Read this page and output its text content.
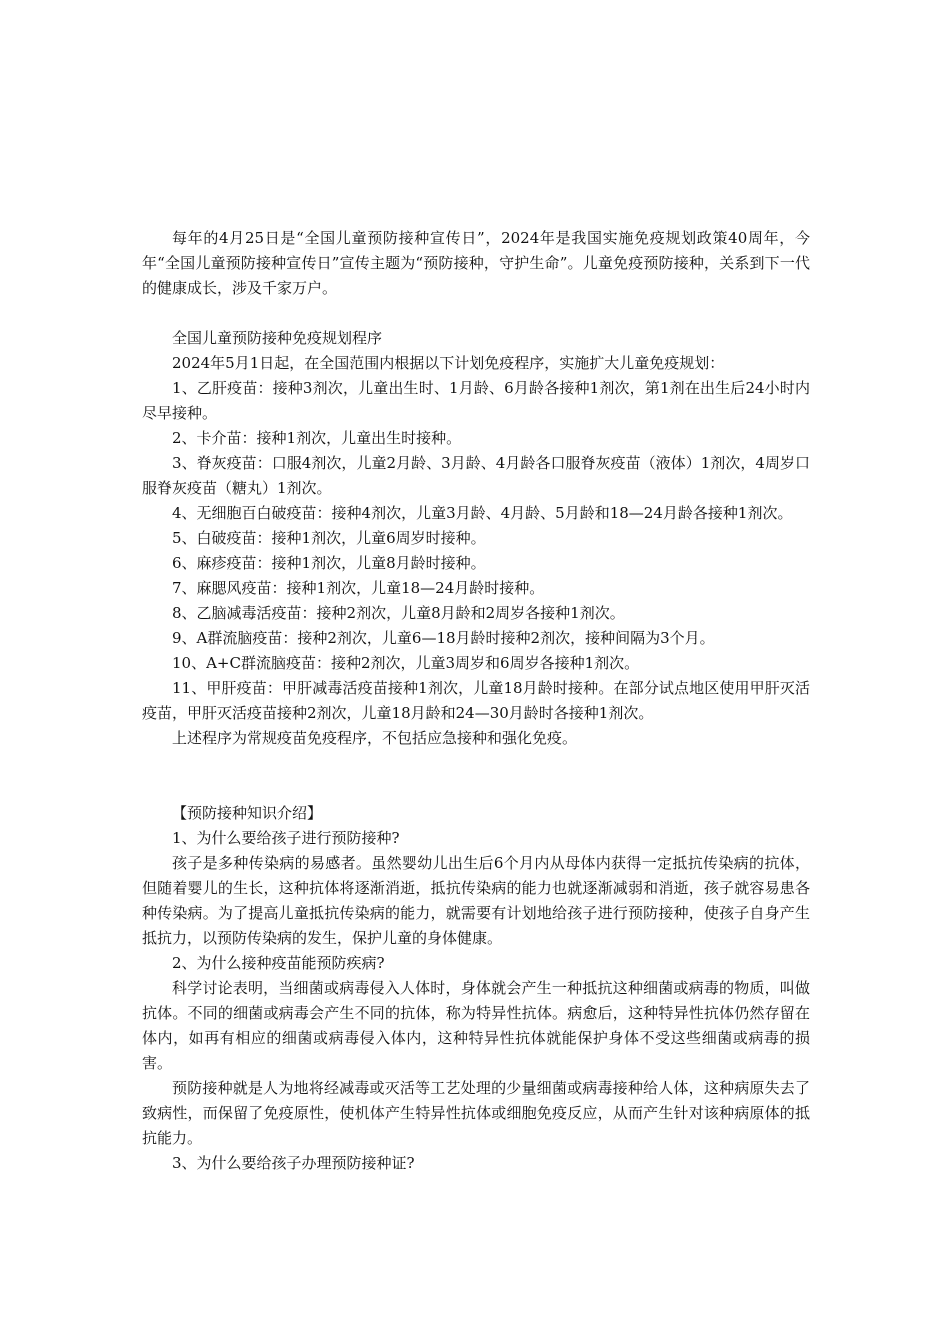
每年的4月25日是“全国儿童预防接种宣传日”，2024年是我国实施免疫规划政策40周年，今年“全国儿童预防接种宣传日”宣传主题为“预防接种，守护生命”。儿童免疫预防接种，关系到下一代的健康成长，涉及千家万户。

全国儿童预防接种免疫规划程序

2024年5月1日起，在全国范围内根据以下计划免疫程序，实施扩大儿童免疫规划：

1、乙肝疫苗：接种3剂次，儿童出生时、1月龄、6月龄各接种1剂次，第1剂在出生后24小时内尽早接种。

2、卡介苗：接种1剂次，儿童出生时接种。

3、脊灰疫苗：口服4剂次，儿童2月龄、3月龄、4月龄各口服脊灰疫苗（液体）1剂次，4周岁口服脊灰疫苗（糖丸）1剂次。

4、无细胞百白破疫苗：接种4剂次，儿童3月龄、4月龄、5月龄和18—24月龄各接种1剂次。

5、白破疫苗：接种1剂次，儿童6周岁时接种。

6、麻疹疫苗：接种1剂次，儿童8月龄时接种。

7、麻腮风疫苗：接种1剂次，儿童18—24月龄时接种。

8、乙脑减毒活疫苗：接种2剂次，儿童8月龄和2周岁各接种1剂次。

9、A群流脑疫苗：接种2剂次，儿童6—18月龄时接种2剂次，接种间隔为3个月。

10、A+C群流脑疫苗：接种2剂次，儿童3周岁和6周岁各接种1剂次。

11、甲肝疫苗：甲肝减毒活疫苗接种1剂次，儿童18月龄时接种。在部分试点地区使用甲肝灭活疫苗，甲肝灭活疫苗接种2剂次，儿童18月龄和24—30月龄时各接种1剂次。

上述程序为常规疫苗免疫程序，不包括应急接种和强化免疫。

【预防接种知识介绍】

1、为什么要给孩子进行预防接种?

孩子是多种传染病的易感者。虽然婴幼儿出生后6个月内从母体内获得一定抵抗传染病的抗体，但随着婴儿的生长，这种抗体将逐渐消逝，抵抗传染病的能力也就逐渐减弱和消逝，孩子就容易患各种传染病。为了提高儿童抵抗传染病的能力，就需要有计划地给孩子进行预防接种，使孩子自身产生抵抗力，以预防传染病的发生，保护儿童的身体健康。

2、为什么接种疫苗能预防疾病?

科学讨论表明，当细菌或病毒侵入人体时，身体就会产生一种抵抗这种细菌或病毒的物质，叫做抗体。不同的细菌或病毒会产生不同的抗体，称为特异性抗体。病愈后，这种特异性抗体仍然存留在体内，如再有相应的细菌或病毒侵入体内，这种特异性抗体就能保护身体不受这些细菌或病毒的损害。

预防接种就是人为地将经减毒或灭活等工艺处理的少量细菌或病毒接种给人体，这种病原失去了致病性，而保留了免疫原性，使机体产生特异性抗体或细胞免疫反应，从而产生针对该种病原体的抵抗能力。

3、为什么要给孩子办理预防接种证?
